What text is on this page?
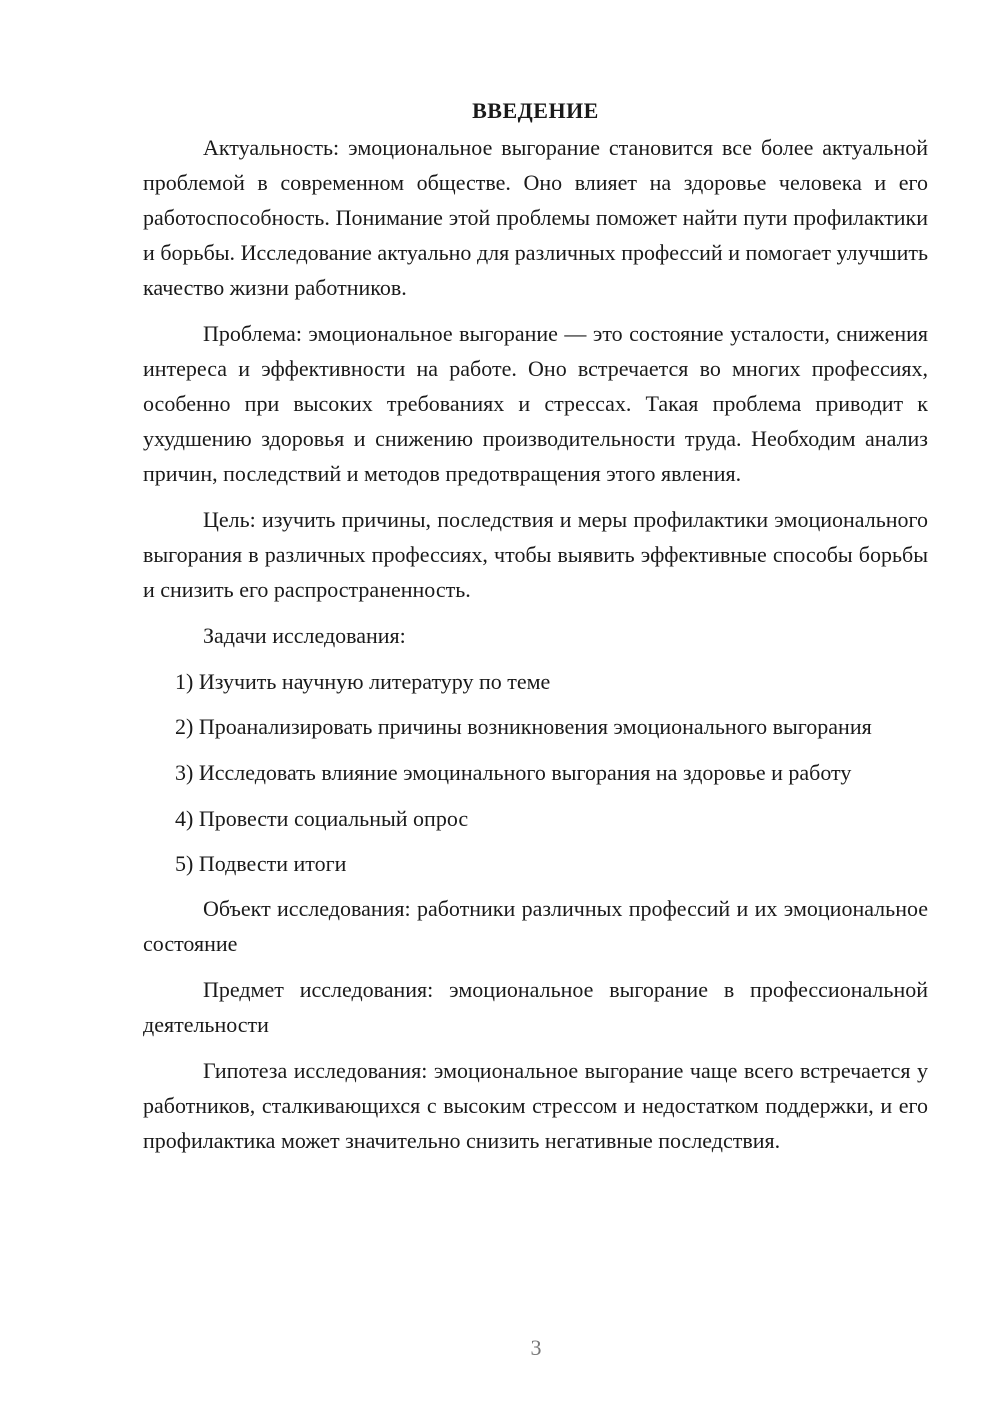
ВВЕДЕНИЕ

Актуальность: эмоциональное выгорание становится все более актуальной проблемой в современном обществе. Оно влияет на здоровье человека и его работоспособность. Понимание этой проблемы поможет найти пути профилактики и борьбы. Исследование актуально для различных профессий и помогает улучшить качество жизни работников.

Проблема: эмоциональное выгорание — это состояние усталости, снижения интереса и эффективности на работе. Оно встречается во многих профессиях, особенно при высоких требованиях и стрессах. Такая проблема приводит к ухудшению здоровья и снижению производительности труда. Необходим анализ причин, последствий и методов предотвращения этого явления.

Цель: изучить причины, последствия и меры профилактики эмоционального выгорания в различных профессиях, чтобы выявить эффективные способы борьбы и снизить его распространенность.

Задачи исследования:

1) Изучить научную литературу по теме

2) Проанализировать причины возникновения эмоционального выгорания

3) Исследовать влияние эмоцинального выгорания на здоровье и работу

4) Провести социальный опрос

5) Подвести итоги

Объект исследования: работники различных профессий и их эмоциональное состояние

Предмет исследования: эмоциональное выгорание в профессиональной деятельности

Гипотеза исследования: эмоциональное выгорание чаще всего встречается у работников, сталкивающихся с высоким стрессом и недостатком поддержки, и его профилактика может значительно снизить негативные последствия.

3
